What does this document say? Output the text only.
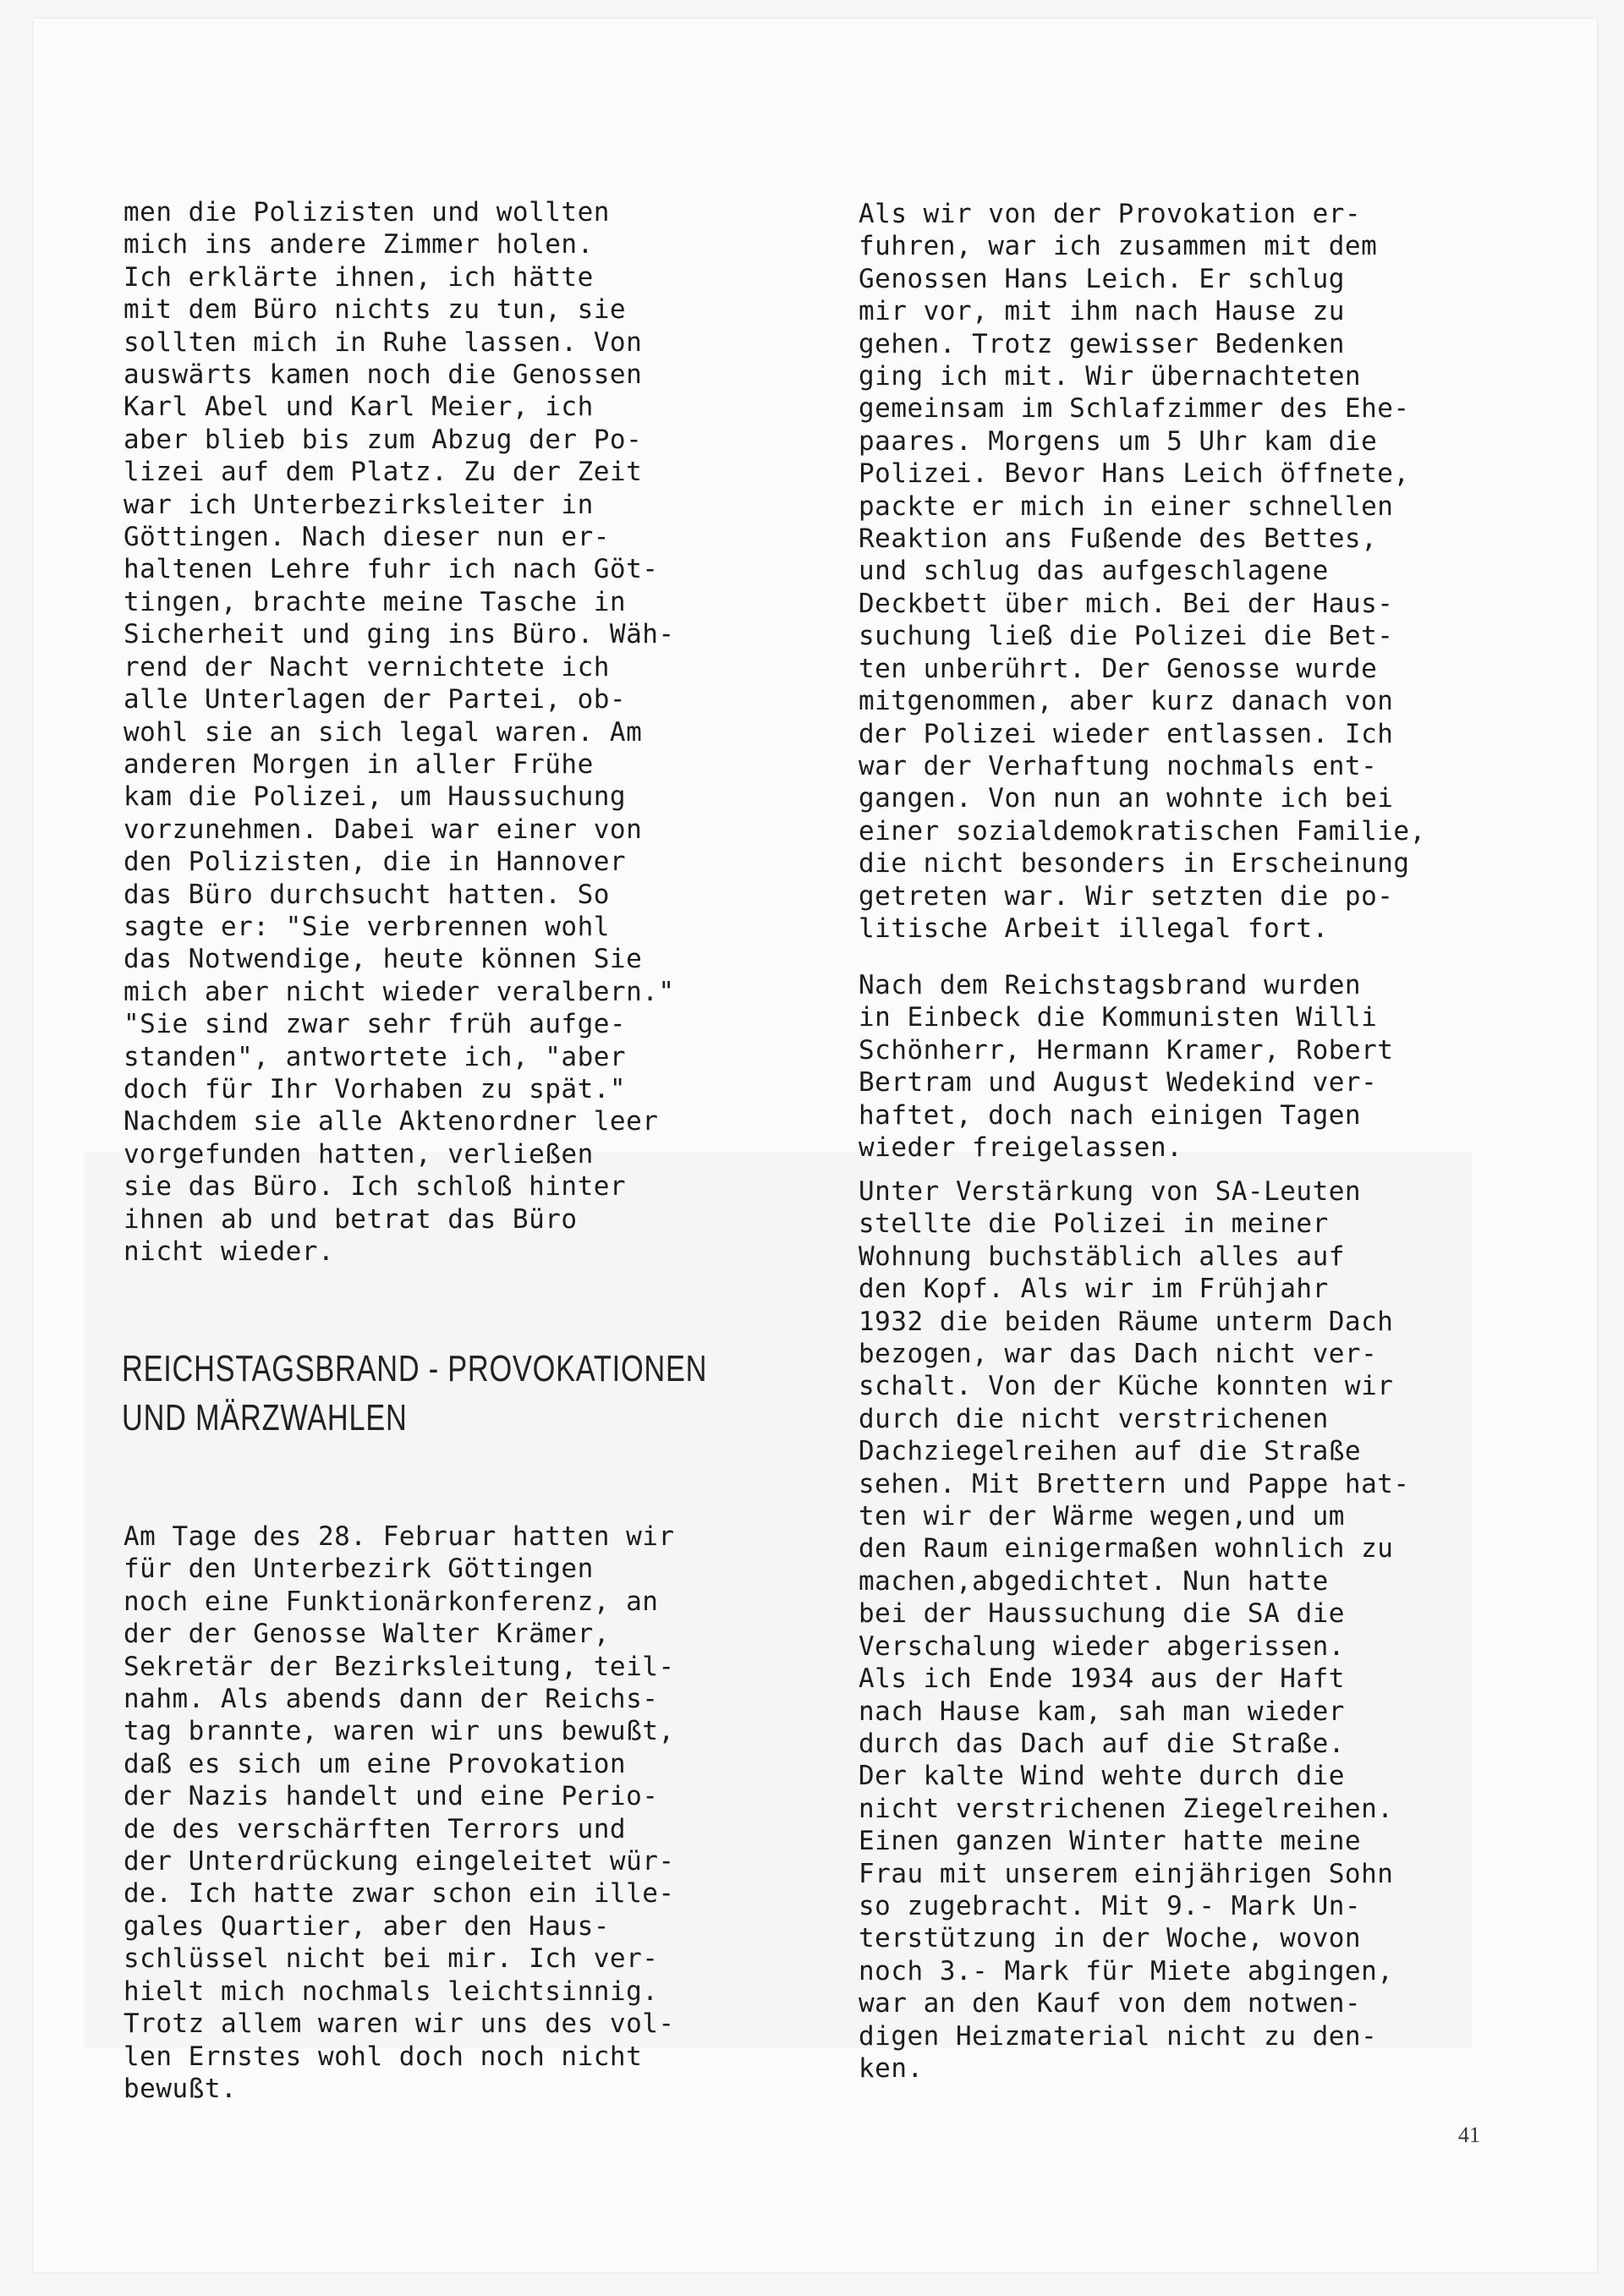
men die Polizisten und wollten
mich ins andere Zimmer holen.
Ich erklärte ihnen, ich hätte
mit dem Büro nichts zu tun, sie
sollten mich in Ruhe lassen. Von
auswärts kamen noch die Genossen
Karl Abel und Karl Meier, ich
aber blieb bis zum Abzug der Po-
lizei auf dem Platz. Zu der Zeit
war ich Unterbezirksleiter in
Göttingen. Nach dieser nun er-
haltenen Lehre fuhr ich nach Göt-
tingen, brachte meine Tasche in
Sicherheit und ging ins Büro. Wäh-
rend der Nacht vernichtete ich
alle Unterlagen der Partei, ob-
wohl sie an sich legal waren. Am
anderen Morgen in aller Frühe
kam die Polizei, um Haussuchung
vorzunehmen. Dabei war einer von
den Polizisten, die in Hannover
das Büro durchsucht hatten. So
sagte er: "Sie verbrennen wohl
das Notwendige, heute können Sie
mich aber nicht wieder veralbern."
"Sie sind zwar sehr früh aufge-
standen", antwortete ich, "aber
doch für Ihr Vorhaben zu spät."
Nachdem sie alle Aktenordner leer
vorgefunden hatten, verließen
sie das Büro. Ich schloß hinter
ihnen ab und betrat das Büro
nicht wieder.
REICHSTAGSBRAND - PROVOKATIONEN
UND MÄRZWAHLEN
Am Tage des 28. Februar hatten wir
für den Unterbezirk Göttingen
noch eine Funktionärkonferenz, an
der der Genosse Walter Krämer,
Sekretär der Bezirksleitung, teil-
nahm. Als abends dann der Reichs-
tag brannte, waren wir uns bewußt,
daß es sich um eine Provokation
der Nazis handelt und eine Perio-
de des verschärften Terrors und
der Unterdrückung eingeleitet wür-
de. Ich hatte zwar schon ein ille-
gales Quartier, aber den Haus-
schlüssel nicht bei mir. Ich ver-
hielt mich nochmals leichtsinnig.
Trotz allem waren wir uns des vol-
len Ernstes wohl doch noch nicht
bewußt.
Als wir von der Provokation er-
fuhren, war ich zusammen mit dem
Genossen Hans Leich. Er schlug
mir vor, mit ihm nach Hause zu
gehen. Trotz gewisser Bedenken
ging ich mit. Wir übernachteten
gemeinsam im Schlafzimmer des Ehe-
paares. Morgens um 5 Uhr kam die
Polizei. Bevor Hans Leich öffnete,
packte er mich in einer schnellen
Reaktion ans Fußende des Bettes,
und schlug das aufgeschlagene
Deckbett über mich. Bei der Haus-
suchung ließ die Polizei die Bet-
ten unberührt. Der Genosse wurde
mitgenommen, aber kurz danach von
der Polizei wieder entlassen. Ich
war der Verhaftung nochmals ent-
gangen. Von nun an wohnte ich bei
einer sozialdemokratischen Familie,
die nicht besonders in Erscheinung
getreten war. Wir setzten die po-
litische Arbeit illegal fort.
Nach dem Reichstagsbrand wurden
in Einbeck die Kommunisten Willi
Schönherr, Hermann Kramer, Robert
Bertram und August Wedekind ver-
haftet, doch nach einigen Tagen
wieder freigelassen.
Unter Verstärkung von SA-Leuten
stellte die Polizei in meiner
Wohnung buchstäblich alles auf
den Kopf. Als wir im Frühjahr
1932 die beiden Räume unterm Dach
bezogen, war das Dach nicht ver-
schalt. Von der Küche konnten wir
durch die nicht verstrichenen
Dachziegelreihen auf die Straße
sehen. Mit Brettern und Pappe hat-
ten wir der Wärme wegen,und um
den Raum einigermaßen wohnlich zu
machen,abgedichtet. Nun hatte
bei der Haussuchung die SA die
Verschalung wieder abgerissen.
Als ich Ende 1934 aus der Haft
nach Hause kam, sah man wieder
durch das Dach auf die Straße.
Der kalte Wind wehte durch die
nicht verstrichenen Ziegelreihen.
Einen ganzen Winter hatte meine
Frau mit unserem einjährigen Sohn
so zugebracht. Mit 9.- Mark Un-
terstützung in der Woche, wovon
noch 3.- Mark für Miete abgingen,
war an den Kauf von dem notwen-
digen Heizmaterial nicht zu den-
ken.
41
